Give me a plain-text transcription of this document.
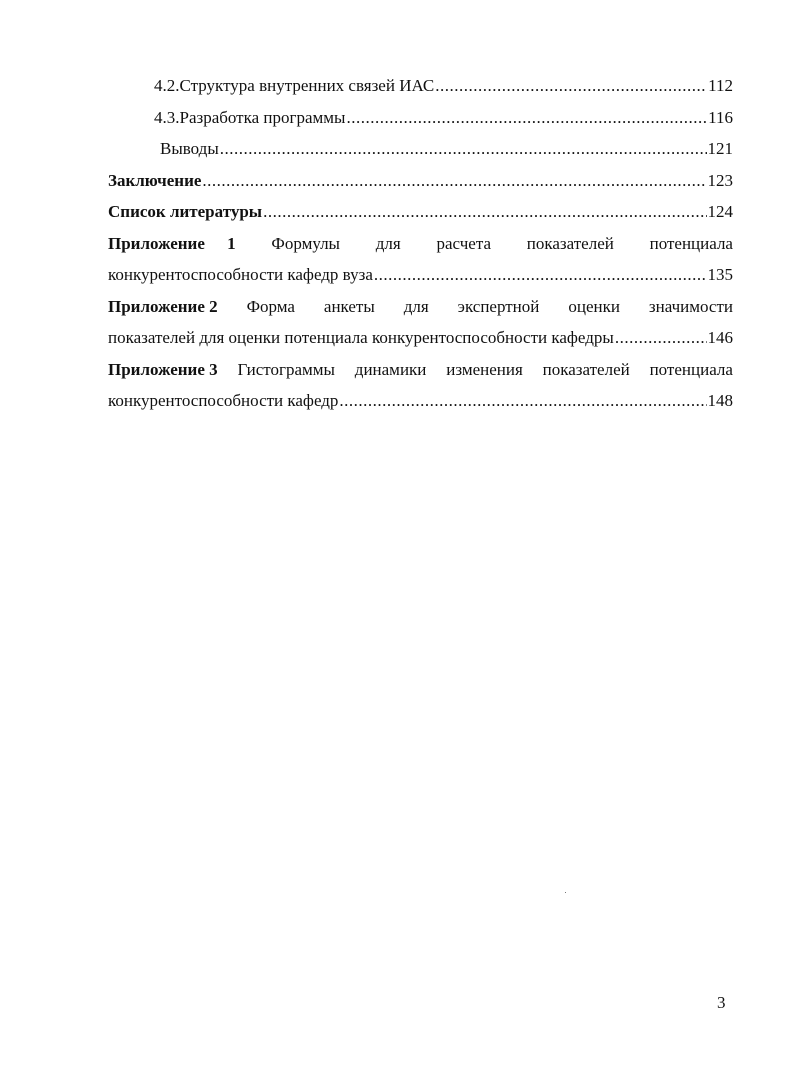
4.2. Структура внутренних связей ИАС .....	112
4.3. Разработка программы .....	116
Выводы .....	121
Заключение .....	123
Список литературы .....	124
Приложение 1 Формулы для расчета показателей потенциала
конкурентоспособности кафедр вуза .....	135
Приложение 2 Форма анкеты для экспертной оценки значимости
показателей для оценки потенциала конкурентоспособности кафедры .....	146
Приложение 3 Гистограммы динамики изменения показателей потенциала
конкурентоспособности кафедр .....	148
3
